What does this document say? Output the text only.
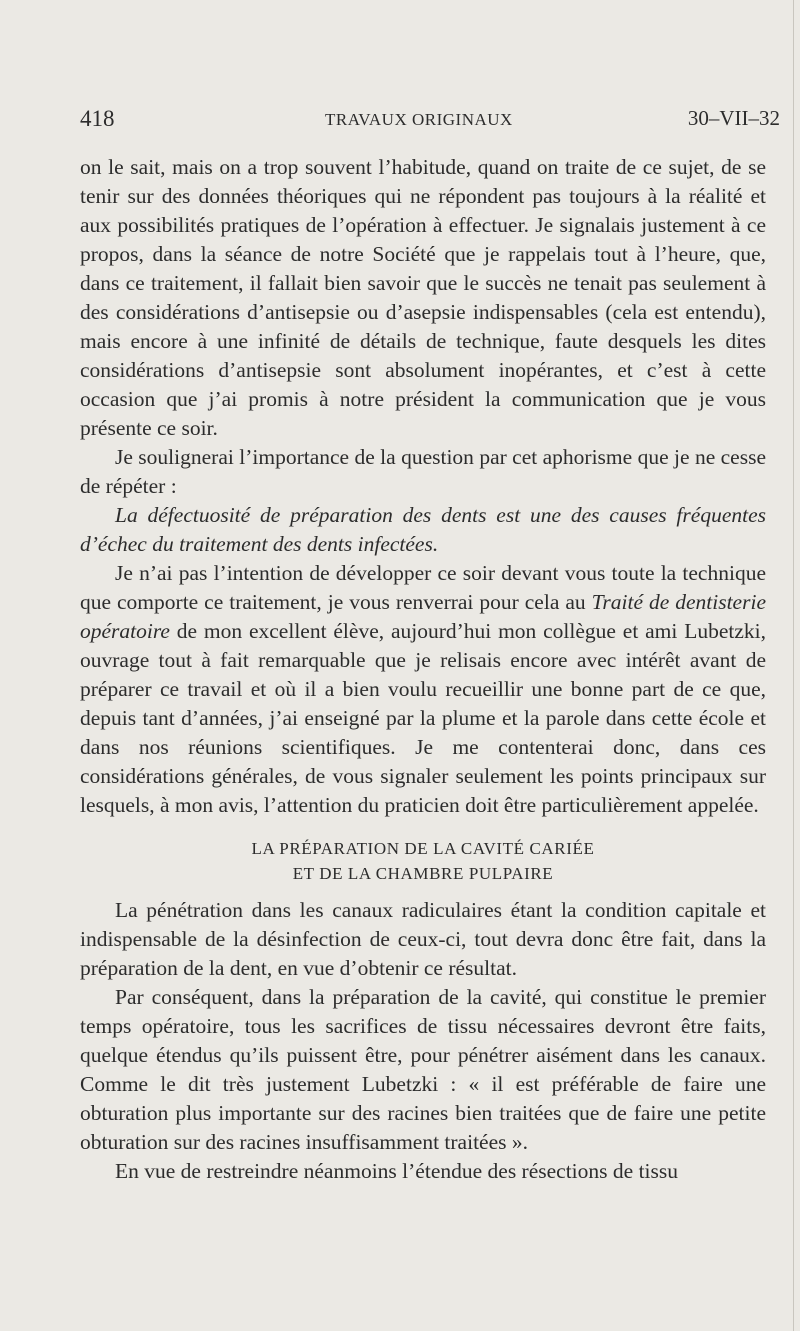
418	TRAVAUX ORIGINAUX	30–VII–32

on le sait, mais on a trop souvent l’habitude, quand on traite de ce sujet, de se tenir sur des données théoriques qui ne répondent pas toujours à la réalité et aux possibilités pratiques de l’opération à effectuer. Je signalais justement à ce propos, dans la séance de notre Société que je rappelais tout à l’heure, que, dans ce traitement, il fallait bien savoir que le succès ne tenait pas seulement à des considérations d’antisepsie ou d’asepsie indispensables (cela est entendu), mais encore à une infinité de détails de technique, faute desquels les dites considérations d’antisepsie sont absolument inopérantes, et c’est à cette occasion que j’ai promis à notre président la communication que je vous présente ce soir.

Je soulignerai l’importance de la question par cet aphorisme que je ne cesse de répéter :

La défectuosité de préparation des dents est une des causes fréquentes d’échec du traitement des dents infectées.

Je n’ai pas l’intention de développer ce soir devant vous toute la technique que comporte ce traitement, je vous renverrai pour cela au Traité de dentisterie opératoire de mon excellent élève, aujourd’hui mon collègue et ami Lubetzki, ouvrage tout à fait remarquable que je relisais encore avec intérêt avant de préparer ce travail et où il a bien voulu recueillir une bonne part de ce que, depuis tant d’années, j’ai enseigné par la plume et la parole dans cette école et dans nos réunions scientifiques. Je me contenterai donc, dans ces considérations générales, de vous signaler seulement les points principaux sur lesquels, à mon avis, l’attention du praticien doit être particulièrement appelée.

LA PRÉPARATION DE LA CAVITÉ CARIÉE
ET DE LA CHAMBRE PULPAIRE

La pénétration dans les canaux radiculaires étant la condition capitale et indispensable de la désinfection de ceux-ci, tout devra donc être fait, dans la préparation de la dent, en vue d’obtenir ce résultat.

Par conséquent, dans la préparation de la cavité, qui constitue le premier temps opératoire, tous les sacrifices de tissu nécessaires devront être faits, quelque étendus qu’ils puissent être, pour pénétrer aisément dans les canaux. Comme le dit très justement Lubetzki : « il est préférable de faire une obturation plus importante sur des racines bien traitées que de faire une petite obturation sur des racines insuffisamment traitées ».

En vue de restreindre néanmoins l’étendue des résections de tissu
